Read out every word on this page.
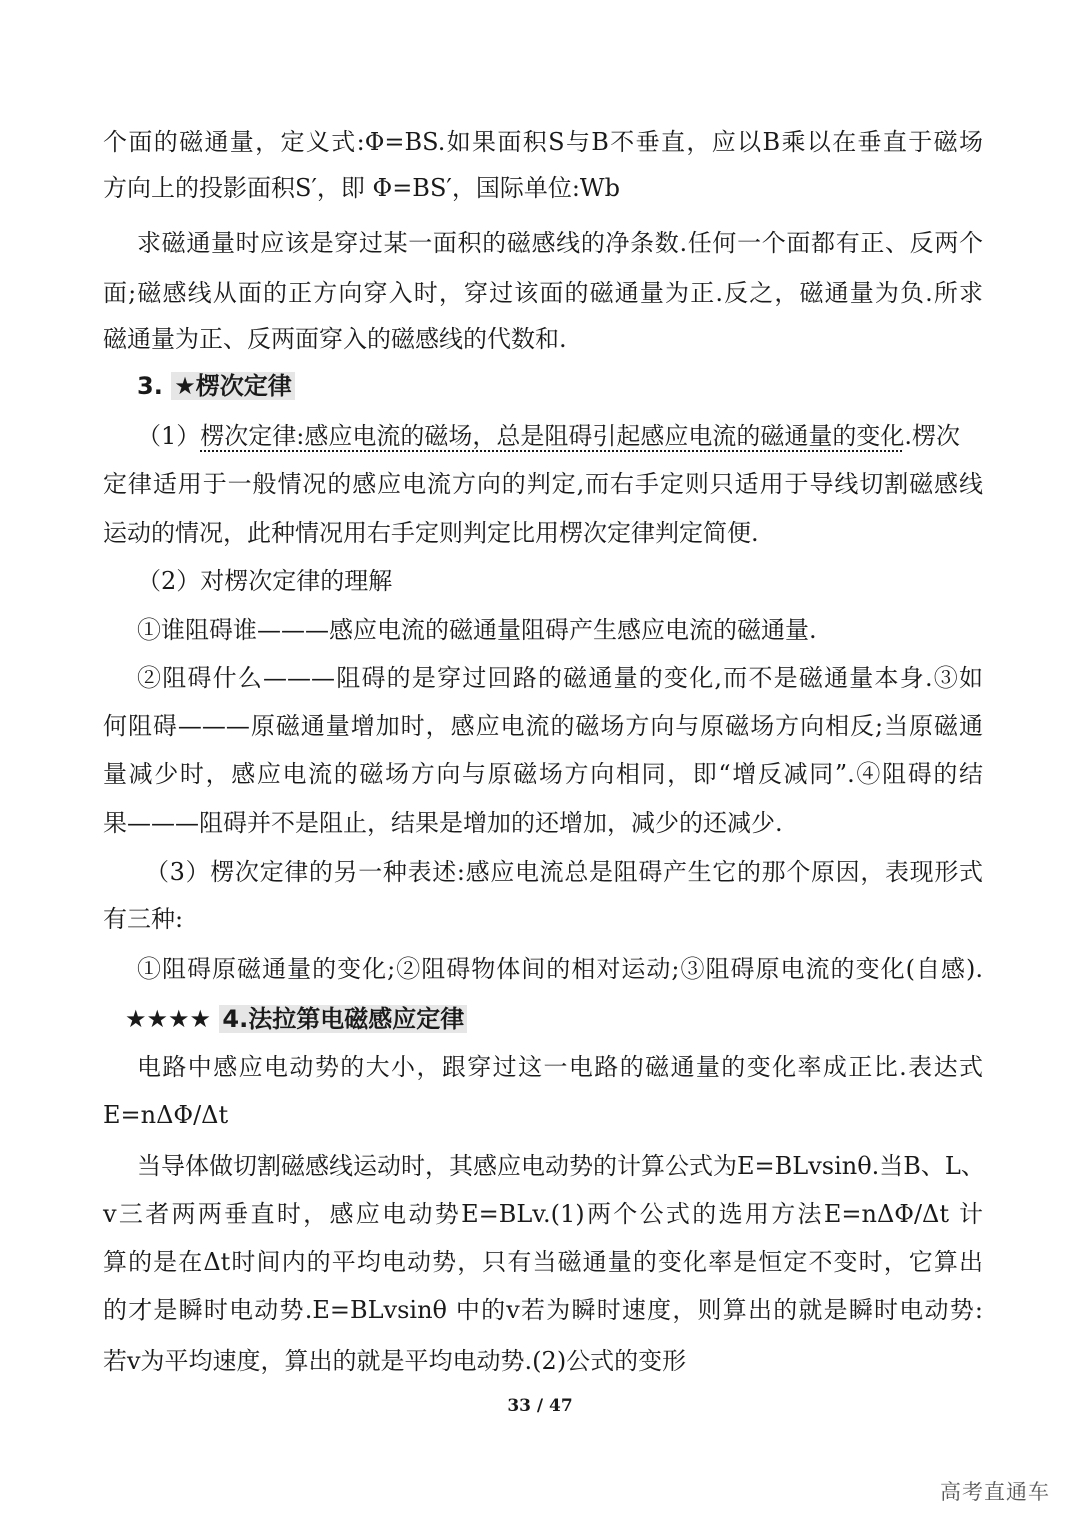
个面的磁通量，定义式:Φ=BS.如果面积S与B不垂直，应以B乘以在垂直于磁场
方向上的投影面积S′，即 Φ=BS′，国际单位:Wb
求磁通量时应该是穿过某一面积的磁感线的净条数.任何一个面都有正、反两个
面;磁感线从面的正方向穿入时，穿过该面的磁通量为正.反之，磁通量为负.所求
磁通量为正、反两面穿入的磁感线的代数和.
3. ★楞次定律
（1）楞次定律:感应电流的磁场，总是阻碍引起感应电流的磁通量的变化.楞次
定律适用于一般情况的感应电流方向的判定,而右手定则只适用于导线切割磁感线
运动的情况，此种情况用右手定则判定比用楞次定律判定简便.
（2）对楞次定律的理解
①谁阻碍谁———感应电流的磁通量阻碍产生感应电流的磁通量.
②阻碍什么———阻碍的是穿过回路的磁通量的变化,而不是磁通量本身.③如
何阻碍———原磁通量增加时，感应电流的磁场方向与原磁场方向相反;当原磁通
量减少时，感应电流的磁场方向与原磁场方向相同，即“增反减同”.④阻碍的结
果———阻碍并不是阻止，结果是增加的还增加，减少的还减少.
（3）楞次定律的另一种表述:感应电流总是阻碍产生它的那个原因，表现形式
有三种:
①阻碍原磁通量的变化;②阻碍物体间的相对运动;③阻碍原电流的变化(自感).
★★★★ 4.法拉第电磁感应定律
电路中感应电动势的大小，跟穿过这一电路的磁通量的变化率成正比.表达式
E=nΔΦ/Δt
当导体做切割磁感线运动时，其感应电动势的计算公式为E=BLvsinθ.当B、L、
v三者两两垂直时，感应电动势E=BLv.(1)两个公式的选用方法E=nΔΦ/Δt 计
算的是在Δt时间内的平均电动势，只有当磁通量的变化率是恒定不变时，它算出
的才是瞬时电动势.E=BLvsinθ 中的v若为瞬时速度，则算出的就是瞬时电动势:
若v为平均速度，算出的就是平均电动势.(2)公式的变形
33 / 47
高考直通车
